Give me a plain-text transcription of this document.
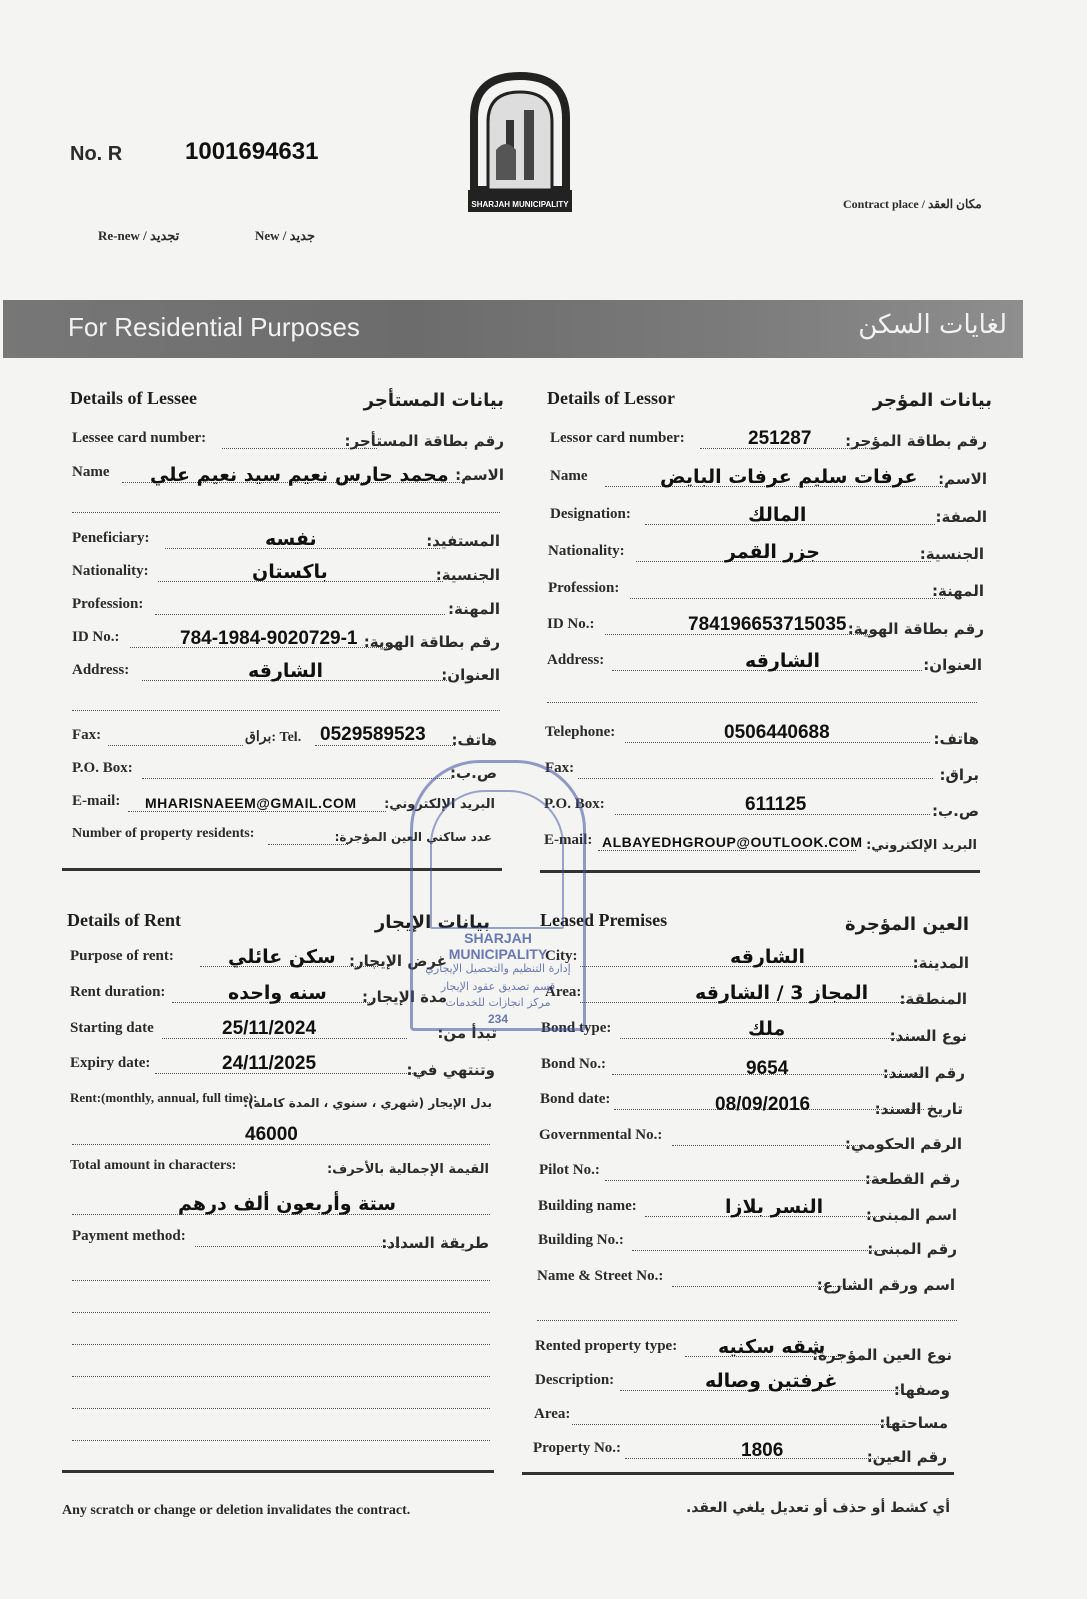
No. R	1001694631
Re-new / تجديد	New / جديد
Contract place / مكان العقد
SHARJAH MUNICIPALITY
For Residential Purposes	لغايات السكن
Details of Lessee	بيانات المستأجر
Lessee card number:	رقم بطاقة المستأجر:
Name محمد حارس نعيم سيد نعيم علي الاسم:
Peneficiary:	نفسه	المستفيد:
Nationality:	باكستان	الجنسية:
Profession:	المهنة:
ID No.:	784-1984-9020729-1 رقم بطاقة الهوية:
Address:	الشارقه	العنوان:
Fax:	براق: Tel. 0529589523 هاتف:
P.O. Box:	ص.ب:
E-mail: MHARISNAEEM@GMAIL.COM البريد الإلكتروني:
Number of property residents:	عدد ساكني العين المؤجرة:
Details of Lessor	بيانات المؤجر
Lessor card number:	251287 رقم بطاقة المؤجر:
Name	عرفات سليم عرفات البايض الاسم:
Designation:	المالك	الصفة:
Nationality:	جزر القمر	الجنسية:
Profession:	المهنة:
ID No.:	784196653715035 رقم بطاقة الهوية:
Address:	الشارقه	العنوان:
Telephone:	0506440688	هاتف:
Fax:	براق:
P.O. Box:	611125	ص.ب:
E-mail: ALBAYEDHGROUP@OUTLOOK.COM البريد الإلكتروني:
Details of Rent	بيانات الإيجار
Purpose of rent:	سكن عائلي غرض الإيجار:
Rent duration:	سنه واحده مدة الإيجار:
Starting date	25/11/2024	تبدأ من:
Expiry date:	24/11/2025	وتنتهي في:
Rent:(monthly, annual, full time):
بدل الإيجار (شهري ، سنوي ، المدة كاملة):
46000
Total amount in characters:	القيمة الإجمالية بالأحرف:
ستة وأربعون ألف درهم
Payment method:	طريقة السداد:
Leased Premises	العين المؤجرة
City:	الشارقه	المدينة:
Area:	المجاز 3 / الشارقه المنطقة:
Bond type:	ملك	نوع السند:
Bond No.:	9654	رقم السند:
Bond date:	08/09/2016	تاريخ السند:
Governmental No.:	الرقم الحكومي:
Pilot No.:	رقم القطعة:
Building name:	النسر بلازا	اسم المبنى:
Building No.:	رقم المبنى:
Name & Street No.:	اسم ورقم الشارع:
Rented property type: شقه سكنيه
نوع العين المؤجرة:
Description:	غرفتين وصاله	وصفها:
Area:	مساحتها:
Property No.:	1806	رقم العين:
SHARJAH MUNICIPALITY
إدارة التنظيم والتحصيل الإيجاري
قسم تصديق عقود الإيجار
مركز انجازات للخدمات
234
Any scratch or change or deletion invalidates the contract.	أي كشط أو حذف أو تعديل يلغي العقد.
